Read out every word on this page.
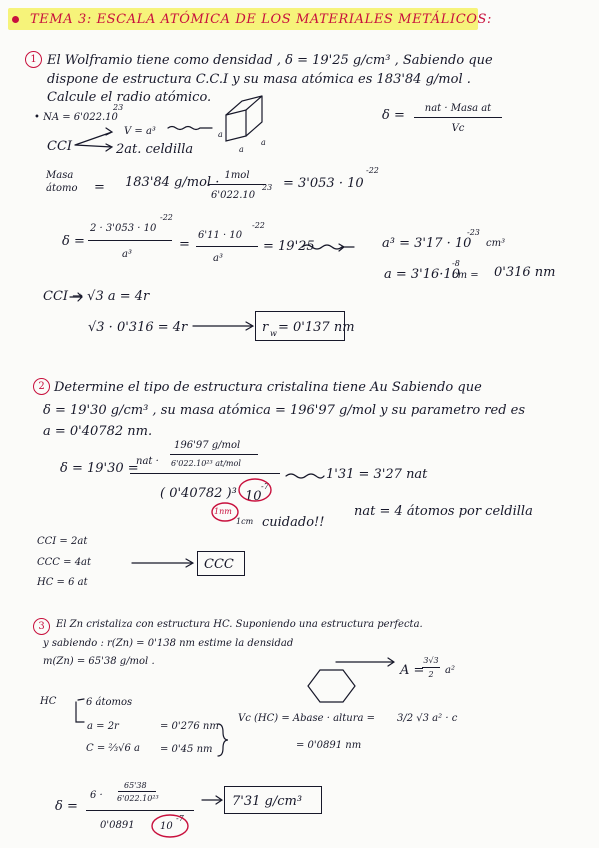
TEMA 3: ESCALA ATÓMICA DE LOS MATERIALES METÁLICOS:
1 El Wolframio tiene como densidad , δ = 19'25 g/cm³ , Sabiendo que
dispone de estructura C.C.I y su masa atómica es 183'84 g/mol .
Calcule el radio atómico.
• NA = 6'022.10
23
CCI
V = a³
2at. celdilla
a
a
a
δ =	nat · Masa at
Vc
Masa
átomo = 183'84 g/mol · 1mol
6'022.10
23 = 3'053 · 10
-22
δ =
2 · 3'053 · 10
-22
a³
=
6'11 · 10
-22
a³
= 19'25	a³ = 3'17 · 10
-23
cm³
a = 3'16·10
-8
cm = 0'316 nm
CCI → √3 a = 4r
√3 · 0'316 = 4r	r w = 0'137 nm
2 Determine el tipo de estructura cristalina tiene Au Sabiendo que
δ = 19'30 g/cm³ , su masa atómica = 196'97 g/mol y su parametro red es
a = 0'40782 nm.
δ = 19'30 =
nat ·
196'97 g/mol
6'022.10²³ at/mol
( 0'40782 )³ 10
-7
1nm
1cm cuidado!!
1'31 = 3'27 nat
nat = 4 átomos por celdilla
CCI = 2at
CCC = 4at
HC = 6 at
CCC
3	El Zn cristaliza con estructura HC. Suponiendo una estructura perfecta.
y sabiendo : r(Zn) = 0'138 nm estime la densidad
m(Zn) = 65'38 g/mol .
A =
3√3
2	a²
HC	6 átomos
a = 2r	= 0'276 nm
C = ⅔√6 a = 0'45 nm
Vc (HC) = Abase · altura = 3/2 √3 a² · c
= 0'0891 nm
δ =
6 ·
65'38
6'022.10²³
0'0891	10
-7
7'31 g/cm³
